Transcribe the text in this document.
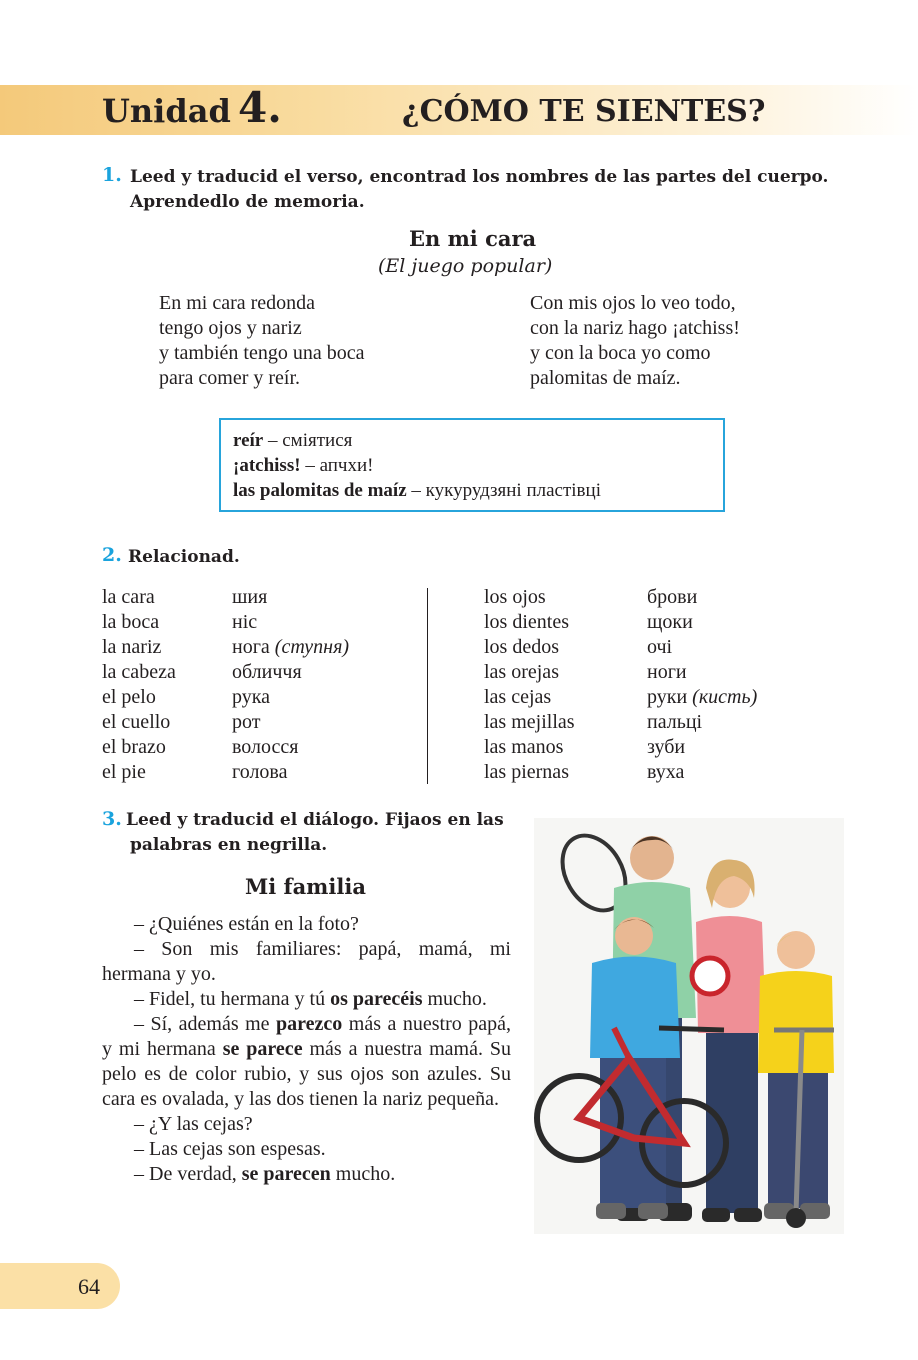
Unidad 4.	¿CÓMO TE SIENTES?
1. Leed y traducid el verso, encontrad los nombres de las partes del cuerpo.
Aprendedlo de memoria.
En mi cara
(El juego popular)
En mi cara redonda
tengo ojos y nariz
y también tengo una boca
para comer y reír.
Con mis ojos lo veo todo,
con la nariz hago ¡atchiss!
y con la boca yo como
palomitas de maíz.
reír – сміятися
¡atchiss! – апчхи!
las palomitas de maíz – кукурудзяні пластівці
2. Relacionad.
la cara
la boca
la nariz
la cabeza
el pelo
el cuello
el brazo
el pie
шия
ніс
нога (ступня)
обличчя
рука
рот
волосся
голова
los ojos
los dientes
los dedos
las orejas
las cejas
las mejillas
las manos
las piernas
брови
щоки
очі
ноги
руки (кисть)
пальці
зуби
вуха
3. Leed y traducid el diálogo. Fijaos en las
palabras en negrilla.
Mi familia

– ¿Quiénes están en la foto?

– Son mis familiares: papá, mamá, mi hermana y yo.

– Fidel, tu hermana y tú os parecéis mucho.

– Sí, además me parezco más a nuestro papá, y mi hermana se parece más a nuestra mamá. Su pelo es de color rubio, y sus ojos son azules. Su cara es ovalada, y las dos tienen la nariz pequeña.

– ¿Y las cejas?

– Las cejas son espesas.

– De verdad, se parecen mucho.

64
